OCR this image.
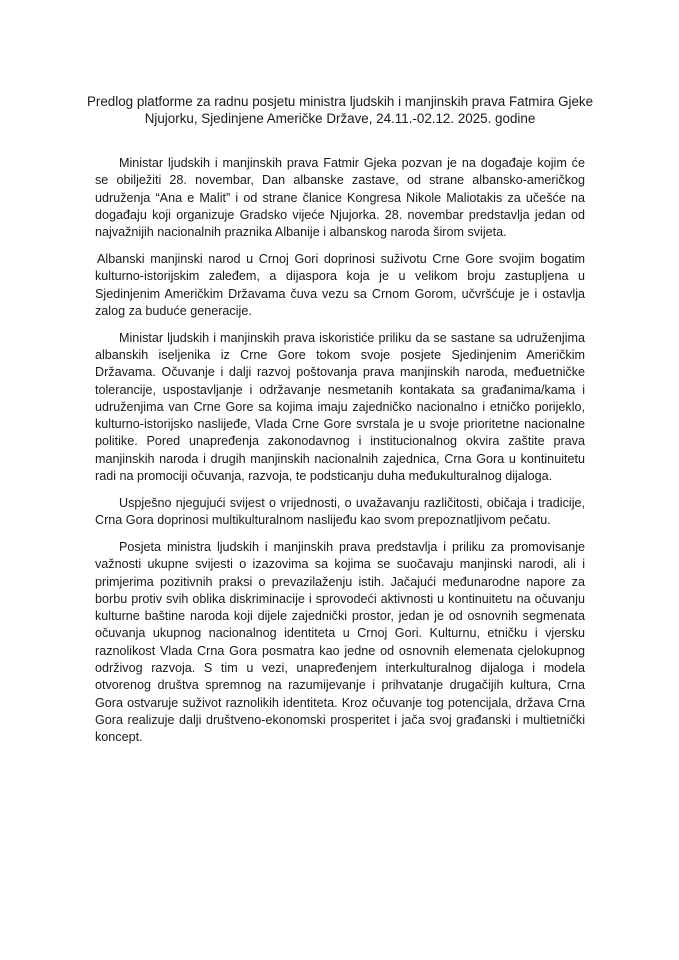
Predlog platforme za radnu posjetu ministra ljudskih i manjinskih prava Fatmira Gjeke
Njujorku, Sjedinjene Američke Države, 24.11.-02.12. 2025. godine

Ministar ljudskih i manjinskih prava Fatmir Gjeka pozvan je na događaje kojim će se obilježiti 28. novembar, Dan albanske zastave, od strane albansko-američkog udruženja “Ana e Malit” i od strane članice Kongresa Nikole Maliotakis za učešće na događaju koji organizuje Gradsko vijeće Njujorka. 28. novembar predstavlja jedan od najvažnijih nacionalnih praznika Albanije i albanskog naroda širom svijeta.

Albanski manjinski narod u Crnoj Gori doprinosi suživotu Crne Gore svojim bogatim kulturno-istorijskim zaleđem, a dijaspora koja je u velikom broju zastupljena u Sjedinjenim Američkim Državama čuva vezu sa Crnom Gorom, učvršćuje je i ostavlja zalog za buduće generacije.

Ministar ljudskih i manjinskih prava iskoristiće priliku da se sastane sa udruženjima albanskih iseljenika iz Crne Gore tokom svoje posjete Sjedinjenim Američkim Državama. Očuvanje i dalji razvoj poštovanja prava manjinskih naroda, međuetničke tolerancije, uspostavljanje i održavanje nesmetanih kontakata sa građanima/kama i udruženjima van Crne Gore sa kojima imaju zajedničko nacionalno i etničko porijeklo, kulturno-istorijsko naslijeđe, Vlada Crne Gore svrstala je u svoje prioritetne nacionalne politike. Pored unapređenja zakonodavnog i institucionalnog okvira zaštite prava manjinskih naroda i drugih manjinskih nacionalnih zajednica, Crna Gora u kontinuitetu radi na promociji očuvanja, razvoja, te podsticanju duha međukulturalnog dijaloga.

Uspješno njegujući svijest o vrijednosti, o uvažavanju različitosti, običaja i tradicije, Crna Gora doprinosi multikulturalnom naslijeđu kao svom prepoznatljivom pečatu.

Posjeta ministra ljudskih i manjinskih prava predstavlja i priliku za promovisanje važnosti ukupne svijesti o izazovima sa kojima se suočavaju manjinski narodi, ali i primjerima pozitivnih praksi o prevazilaženju istih. Jačajući međunarodne napore za borbu protiv svih oblika diskriminacije i sprovodeći aktivnosti u kontinuitetu na očuvanju kulturne baštine naroda koji dijele zajednički prostor, jedan je od osnovnih segmenata očuvanja ukupnog nacionalnog identiteta u Crnoj Gori. Kulturnu, etničku i vjersku raznolikost Vlada Crna Gora posmatra kao jedne od osnovnih elemenata cjelokupnog održivog razvoja. S tim u vezi, unapređenjem interkulturalnog dijaloga i modela otvorenog društva spremnog na razumijevanje i prihvatanje drugačijih kultura, Crna Gora ostvaruje suživot raznolikih identiteta. Kroz očuvanje tog potencijala, država Crna Gora realizuje dalji društveno-ekonomski prosperitet i jača svoj građanski i multietnički koncept.
